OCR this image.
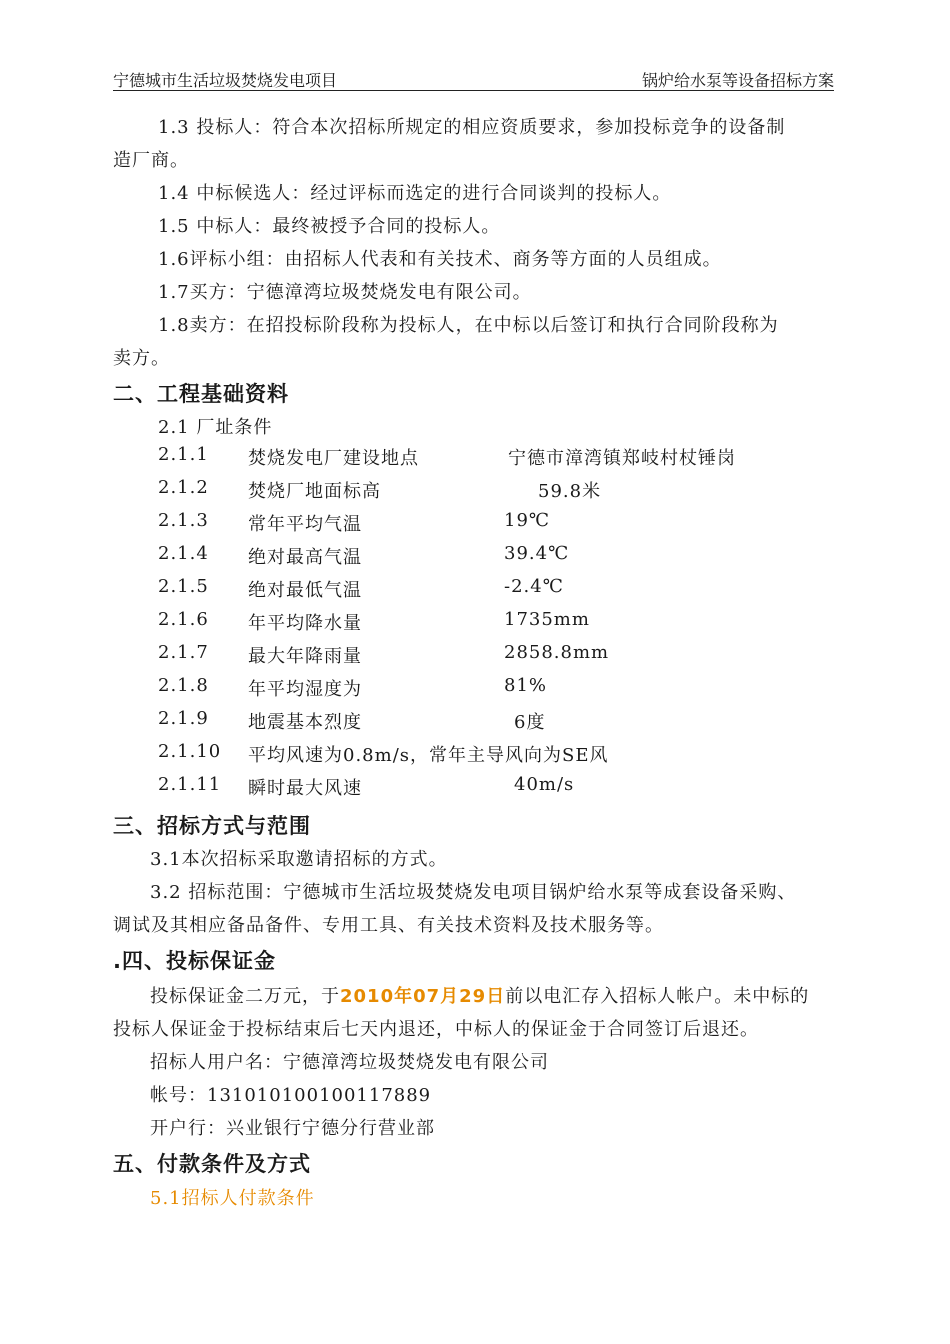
宁德城市生活垃圾焚烧发电项目	锅炉给水泵等设备招标方案
1.3 投标人：符合本次招标所规定的相应资质要求，参加投标竞争的设备制
造厂商。
1.4 中标候选人：经过评标而选定的进行合同谈判的投标人。
1.5 中标人：最终被授予合同的投标人。
1.6评标小组：由招标人代表和有关技术、商务等方面的人员组成。
1.7买方：宁德漳湾垃圾焚烧发电有限公司。
1.8卖方：在招投标阶段称为投标人，在中标以后签订和执行合同阶段称为
卖方。
二、工程基础资料
2.1 厂址条件
2.1.1 焚烧发电厂建设地点	宁德市漳湾镇郑岐村杖锤岗
2.1.2 焚烧厂地面标高	59.8米
2.1.3 常年平均气温	19℃
2.1.4 绝对最高气温	39.4℃
2.1.5 绝对最低气温	-2.4℃
2.1.6 年平均降水量	1735mm
2.1.7 最大年降雨量	2858.8mm
2.1.8 年平均湿度为	81%
2.1.9 地震基本烈度	6度
2.1.10 平均风速为0.8m/s，常年主导风向为SE风
2.1.11 瞬时最大风速	40m/s
三、招标方式与范围
3.1本次招标采取邀请招标的方式。
3.2 招标范围：宁德城市生活垃圾焚烧发电项目锅炉给水泵等成套设备采购、
调试及其相应备品备件、专用工具、有关技术资料及技术服务等。
.四、投标保证金
投标保证金二万元，于2010年07月29日前以电汇存入招标人帐户。未中标的
投标人保证金于投标结束后七天内退还，中标人的保证金于合同签订后退还。
招标人用户名：宁德漳湾垃圾焚烧发电有限公司
帐号：131010100100117889
开户行：兴业银行宁德分行营业部
五、付款条件及方式
5.1招标人付款条件
